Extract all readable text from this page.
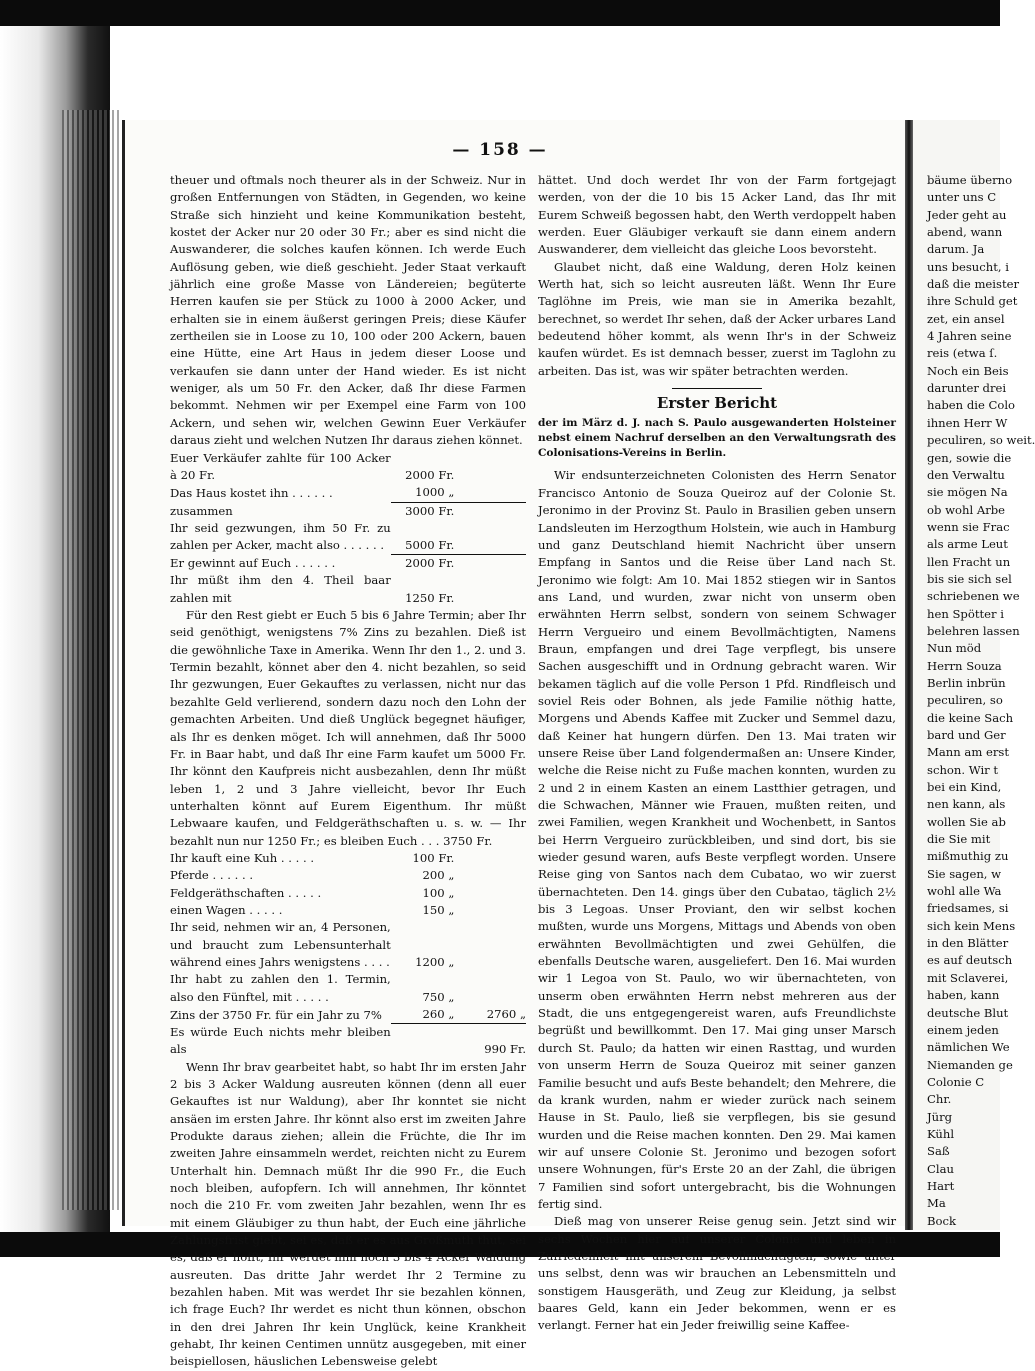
bäume überno
unter uns C
Jeder geht au
abend, wann
darum. Ja
uns besucht, i
daß die meister
ihre Schuld get
zet, ein ansel
4 Jahren seine
reis (etwa ſ.
Noch ein Beis
darunter drei
haben die Colo
ihnen Herr W
peculiren, so weit.
gen, sowie die
den Verwaltu
sie mögen Na
ob wohl Arbe
wenn sie Frac
als arme Leut
llen Fracht un
bis sie sich sel
schriebenen we
hen Spötter i
belehren lassen
Nun möd
Herrn Souza
Berlin inbrün
peculiren, so
die keine Sach
bard und Ger
Mann am erst
schon. Wir t
bei ein Kind,
nen kann, als
wollen Sie ab
die Sie mit
mißmuthig zu
Sie sagen, w
wohl alle Wa
friedsames, si
sich kein Mens
in den Blätter
es auf deutsch
mit Sclaverei,
haben, kann
deutsche Blut
einem jeden
nämlichen We
Niemanden ge
Colonie C
Chr.
Jürg
Kühl
Saß
Clau
Hart
Ma
Bock
— 158 —

theuer und oftmals noch theurer als in der Schweiz. Nur in großen Entfernungen von Städten, in Gegenden, wo keine Straße sich hinzieht und keine Kommunikation besteht, kostet der Acker nur 20 oder 30 Fr.; aber es sind nicht die Auswanderer, die solches kaufen können. Ich werde Euch Auflösung geben, wie dieß geschieht. Jeder Staat verkauft jährlich eine große Masse von Ländereien; begüterte Herren kaufen sie per Stück zu 1000 à 2000 Acker, und erhalten sie in einem äußerst geringen Preis; diese Käufer zertheilen sie in Loose zu 10, 100 oder 200 Ackern, bauen eine Hütte, eine Art Haus in jedem dieser Loose und verkaufen sie dann unter der Hand wieder. Es ist nicht weniger, als um 50 Fr. den Acker, daß Ihr diese Farmen bekommt. Nehmen wir per Exempel eine Farm von 100 Ackern, und sehen wir, welchen Gewinn Euer Verkäufer daraus zieht und welchen Nutzen Ihr daraus ziehen könnet.

Euer Verkäufer zahlte für 100 Acker à 20 Fr.	2000 Fr.	
Das Haus kostet ihn . . . . . .	1000 „	
zusammen	3000 Fr.	
Ihr seid gezwungen, ihm 50 Fr. zu zahlen per Acker, macht also . . . . . .	5000 Fr.	
Er gewinnt auf Euch . . . . . .	2000 Fr.	
Ihr müßt ihm den 4. Theil baar zahlen mit	1250 Fr.	

Für den Rest giebt er Euch 5 bis 6 Jahre Termin; aber Ihr seid genöthigt, wenigstens 7% Zins zu bezahlen. Dieß ist die gewöhnliche Taxe in Amerika. Wenn Ihr den 1., 2. und 3. Termin bezahlt, könnet aber den 4. nicht bezahlen, so seid Ihr gezwungen, Euer Gekauftes zu verlassen, nicht nur das bezahlte Geld verlierend, sondern dazu noch den Lohn der gemachten Arbeiten. Und dieß Unglück begegnet häufiger, als Ihr es denken möget. Ich will annehmen, daß Ihr 5000 Fr. in Baar habt, und daß Ihr eine Farm kaufet um 5000 Fr. Ihr könnt den Kaufpreis nicht ausbezahlen, denn Ihr müßt leben 1, 2 und 3 Jahre vielleicht, bevor Ihr Euch unterhalten könnt auf Eurem Eigenthum. Ihr müßt Lebwaare kaufen, und Feldgeräthschaften u. s. w. — Ihr bezahlt nun nur 1250 Fr.; es bleiben Euch . . . 3750 Fr.

Ihr kauft eine Kuh . . . . .	100 Fr.	
Pferde . . . . . .	200 „	
Feldgeräthschaften . . . . .	100 „	
einen Wagen . . . . .	150 „	
Ihr seid, nehmen wir an, 4 Personen, und braucht zum Lebensunterhalt während eines Jahrs wenigstens . . . .	1200 „	
Ihr habt zu zahlen den 1. Termin, also den Fünftel, mit . . . . .	750 „	
Zins der 3750 Fr. für ein Jahr zu 7%	260 „	2760 „
Es würde Euch nichts mehr bleiben als		990 Fr.

Wenn Ihr brav gearbeitet habt, so habt Ihr im ersten Jahr 2 bis 3 Acker Waldung ausreuten können (denn all euer Gekauftes ist nur Waldung), aber Ihr konntet sie nicht ansäen im ersten Jahre. Ihr könnt also erst im zweiten Jahre Produkte daraus ziehen; allein die Früchte, die Ihr im zweiten Jahre einsammeln werdet, reichten nicht zu Eurem Unterhalt hin. Demnach müßt Ihr die 990 Fr., die Euch noch bleiben, aufopfern. Ich will annehmen, Ihr könntet noch die 210 Fr. vom zweiten Jahr bezahlen, wenn Ihr es mit einem Gläubiger zu thun habt, der Euch eine jährliche Zahlungsfrist giebt, sei es, daß er es aus Großmuth thut, sei es, daß er hofft, Ihr werdet ihm noch 3 bis 4 Acker Waldung ausreuten. Das dritte Jahr werdet Ihr 2 Termine zu bezahlen haben. Mit was werdet Ihr sie bezahlen können, ich frage Euch? Ihr werdet es nicht thun können, obschon in den drei Jahren Ihr kein Unglück, keine Krankheit gehabt, Ihr keinen Centimen unnütz ausgegeben, mit einer beispiellosen, häuslichen Lebensweise gelebt

hättet. Und doch werdet Ihr von der Farm fortgejagt werden, von der die 10 bis 15 Acker Land, das Ihr mit Eurem Schweiß begossen habt, den Werth verdoppelt haben werden. Euer Gläubiger verkauft sie dann einem andern Auswanderer, dem vielleicht das gleiche Loos bevorsteht.

Glaubet nicht, daß eine Waldung, deren Holz keinen Werth hat, sich so leicht ausreuten läßt. Wenn Ihr Eure Taglöhne im Preis, wie man sie in Amerika bezahlt, berechnet, so werdet Ihr sehen, daß der Acker urbares Land bedeutend höher kommt, als wenn Ihr's in der Schweiz kaufen würdet. Es ist demnach besser, zuerst im Taglohn zu arbeiten. Das ist, was wir später betrachten werden.

Erster Bericht
der im März d. J. nach S. Paulo ausgewanderten Holsteiner nebst einem Nachruf derselben an den Verwaltungsrath des Colonisations-Vereins in Berlin.

Wir endsunterzeichneten Colonisten des Herrn Senator Francisco Antonio de Souza Queiroz auf der Colonie St. Jeronimo in der Provinz St. Paulo in Brasilien geben unsern Landsleuten im Herzogthum Holstein, wie auch in Hamburg und ganz Deutschland hiemit Nachricht über unsern Empfang in Santos und die Reise über Land nach St. Jeronimo wie folgt: Am 10. Mai 1852 stiegen wir in Santos ans Land, und wurden, zwar nicht von unserm oben erwähnten Herrn selbst, sondern von seinem Schwager Herrn Vergueiro und einem Bevollmächtigten, Namens Braun, empfangen und drei Tage verpflegt, bis unsere Sachen ausgeschifft und in Ordnung gebracht waren. Wir bekamen täglich auf die volle Person 1 Pfd. Rindfleisch und soviel Reis oder Bohnen, als jede Familie nöthig hatte, Morgens und Abends Kaffee mit Zucker und Semmel dazu, daß Keiner hat hungern dürfen. Den 13. Mai traten wir unsere Reise über Land folgendermaßen an: Unsere Kinder, welche die Reise nicht zu Fuße machen konnten, wurden zu 2 und 2 in einem Kasten an einem Lastthier getragen, und die Schwachen, Männer wie Frauen, mußten reiten, und zwei Familien, wegen Krankheit und Wochenbett, in Santos bei Herrn Vergueiro zurückbleiben, und sind dort, bis sie wieder gesund waren, aufs Beste verpflegt worden. Unsere Reise ging von Santos nach dem Cubatao, wo wir zuerst übernachteten. Den 14. gings über den Cubatao, täglich 2½ bis 3 Legoas. Unser Proviant, den wir selbst kochen mußten, wurde uns Morgens, Mittags und Abends von oben erwähnten Bevollmächtigten und zwei Gehülfen, die ebenfalls Deutsche waren, ausgeliefert. Den 16. Mai wurden wir 1 Legoa von St. Paulo, wo wir übernachteten, von unserm oben erwähnten Herrn nebst mehreren aus der Stadt, die uns entgegengereist waren, aufs Freundlichste begrüßt und bewillkommt. Den 17. Mai ging unser Marsch durch St. Paulo; da hatten wir einen Rasttag, und wurden von unserm Herrn de Souza Queiroz mit seiner ganzen Familie besucht und aufs Beste behandelt; den Mehrere, die da krank wurden, nahm er wieder zurück nach seinem Hause in St. Paulo, ließ sie verpflegen, bis sie gesund wurden und die Reise machen konnten. Den 29. Mai kamen wir auf unsere Colonie St. Jeronimo und bezogen sofort unsere Wohnungen, für's Erste 20 an der Zahl, die übrigen 7 Familien sind sofort untergebracht, bis die Wohnungen fertig sind.

Dieß mag von unserer Reise genug sein. Jetzt sind wir sechs Wochen hier auf unserer Colonie und leben in Zufriedenheit mit unserem Bevollmächtigten, sowie unter uns selbst, denn was wir brauchen an Lebensmitteln und sonstigem Hausgeräth, und Zeug zur Kleidung, ja selbst baares Geld, kann ein Jeder bekommen, wenn er es verlangt. Ferner hat ein Jeder freiwillig seine Kaffee-
